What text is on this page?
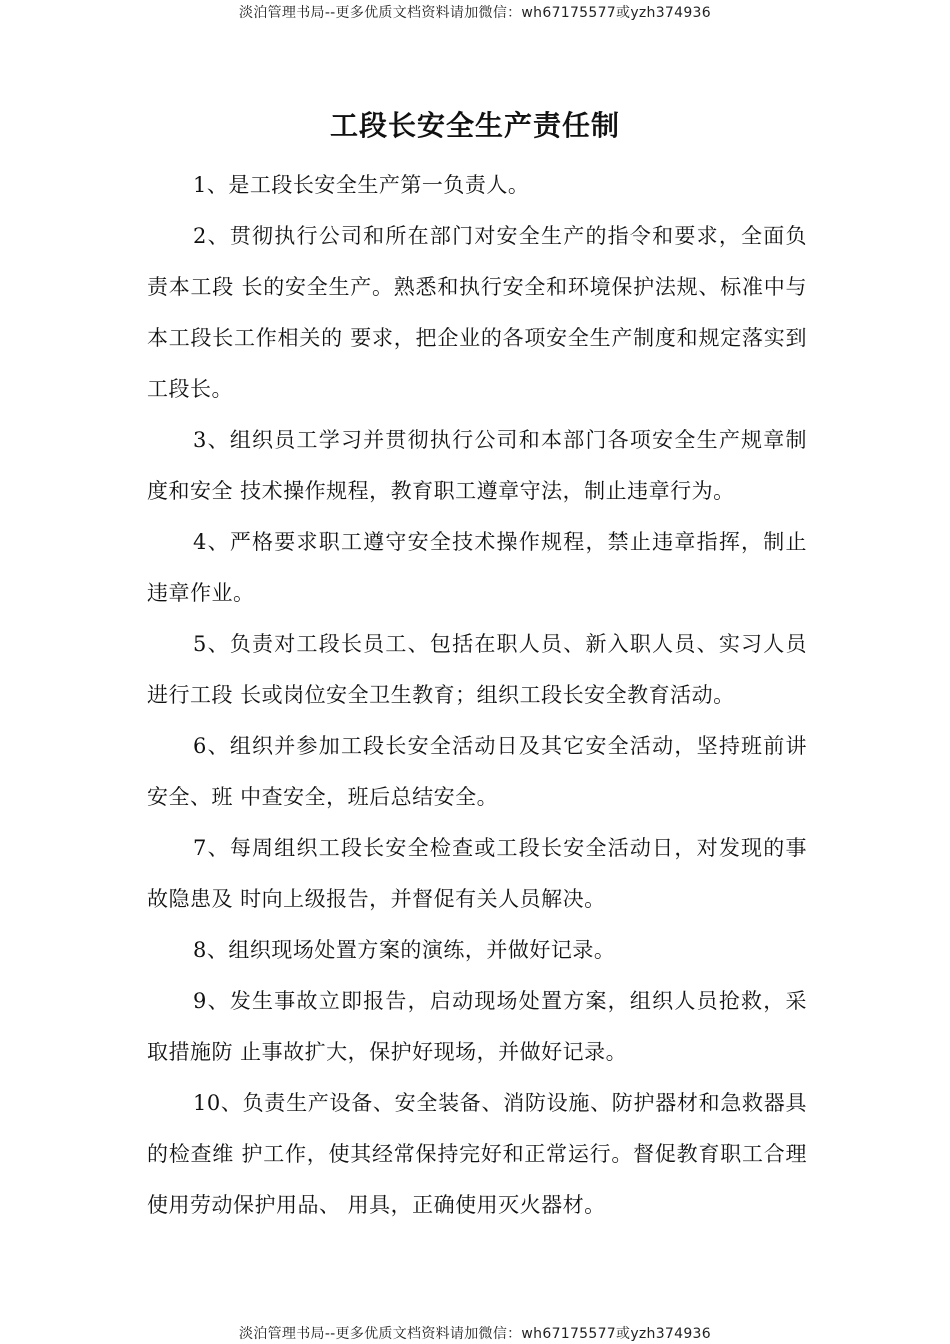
淡泊管理书局--更多优质文档资料请加微信：wh67175577或yzh374936
工段长安全生产责任制

1、是工段长安全生产第一负责人。

2、贯彻执行公司和所在部门对安全生产的指令和要求，全面负责本工段 长的安全生产。熟悉和执行安全和环境保护法规、标准中与本工段长工作相关的 要求，把企业的各项安全生产制度和规定落实到工段长。

3、组织员工学习并贯彻执行公司和本部门各项安全生产规章制度和安全 技术操作规程，教育职工遵章守法，制止违章行为。

4、严格要求职工遵守安全技术操作规程，禁止违章指挥，制止违章作业。

5、负责对工段长员工、包括在职人员、新入职人员、实习人员进行工段 长或岗位安全卫生教育；组织工段长安全教育活动。

6、组织并参加工段长安全活动日及其它安全活动，坚持班前讲安全、班 中查安全，班后总结安全。

7、每周组织工段长安全检查或工段长安全活动日，对发现的事故隐患及 时向上级报告，并督促有关人员解决。

8、组织现场处置方案的演练，并做好记录。

9、发生事故立即报告，启动现场处置方案，组织人员抢救，采取措施防 止事故扩大，保护好现场，并做好记录。

10、负责生产设备、安全装备、消防设施、防护器材和急救器具的检查维 护工作，使其经常保持完好和正常运行。督促教育职工合理使用劳动保护用品、 用具，正确使用灭火器材。

淡泊管理书局--更多优质文档资料请加微信：wh67175577或yzh374936
